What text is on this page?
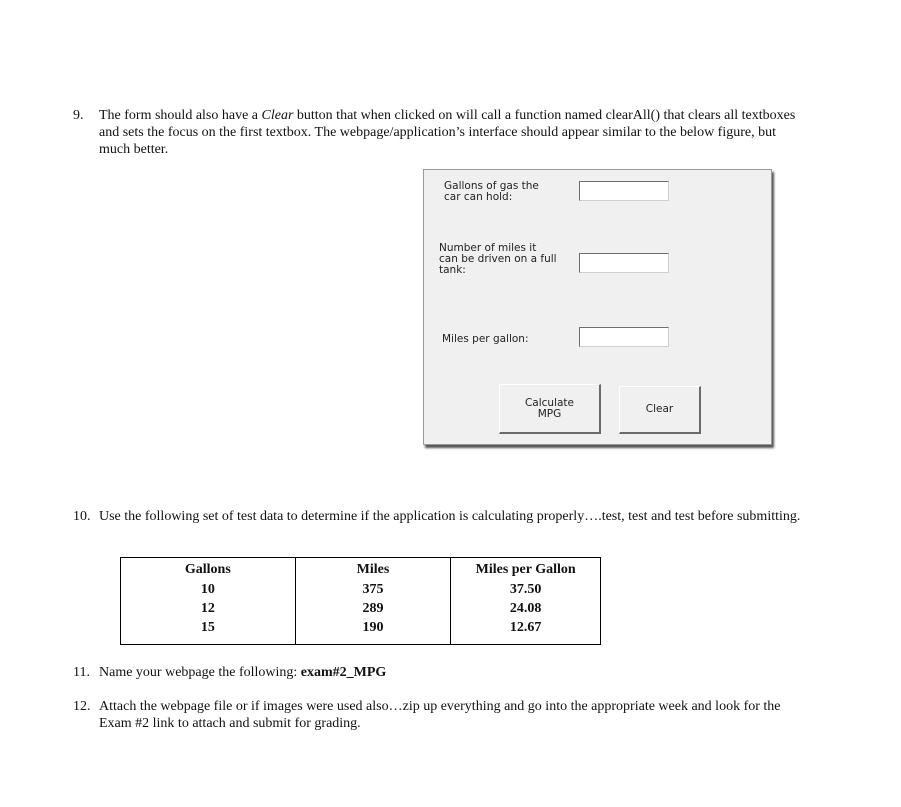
9. The form should also have a Clear button that when clicked on will call a function named clearAll() that clears all textboxes
and sets the focus on the first textbox. The webpage/application’s interface should appear similar to the below figure, but
much better.
Gallons of gas the
car can hold:
Number of miles it
can be driven on a full
tank:
Miles per gallon:
Calculate
MPG	Clear
10. Use the following set of test data to determine if the application is calculating properly….test, test and test before submitting.
Gallons	Miles	Miles per Gallon
10	375	37.50
12	289	24.08
15	190	12.67
11. Name your webpage the following: exam#2_MPG
12. Attach the webpage file or if images were used also…zip up everything and go into the appropriate week and look for the
Exam #2 link to attach and submit for grading.
